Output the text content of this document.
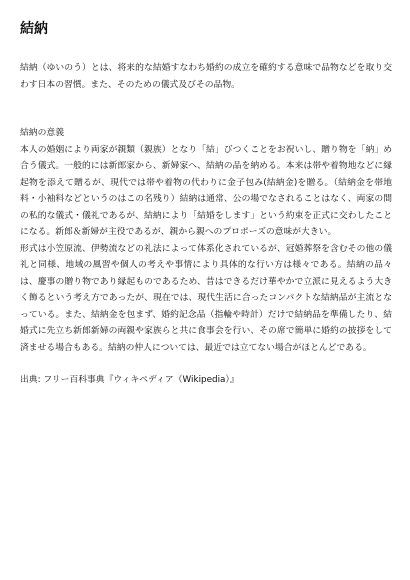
結納

結納（ゆいのう）とは、将来的な結婚すなわち婚約の成立を確約する意味で品物などを取り交わす日本の習慣。また、そのための儀式及びその品物。

結納の意義

本人の婚姻により両家が親類（親族）となり「結」びつくことをお祝いし、贈り物を「納」め合う儀式。一般的には新郎家から、新婦家へ、結納の品を納める。本来は帯や着物地などに縁起物を添えて贈るが、現代では帯や着物の代わりに金子包み(結納金)を贈る。（結納金を帯地料・小袖料などというのはこの名残り）結納は通常、公の場でなされることはなく、両家の間の私的な儀式・儀礼であるが、結納により「結婚をします」という約束を正式に交わしたことになる。新郎＆新婦が主役であるが、親から親へのプロポーズの意味が大きい。

形式は小笠原流、伊勢流などの礼法によって体系化されているが、冠婚葬祭を含むその他の儀礼と同様、地域の風習や個人の考えや事情により具体的な行い方は様々である。結納の品々は、慶事の贈り物であり縁起ものであるため、昔はできるだけ華やかで立派に見えるよう大きく飾るという考え方であったが、現在では、現代生活に合ったコンパクトな結納品が主流となっている。また、結納金を包まず、婚約記念品（指輪や時計）だけで結納品を準備したり、結婚式に先立ち新郎新婦の両親や家族らと共に食事会を行い、その席で簡単に婚約の披拶をして済ませる場合もある。結納の仲人については、最近では立てない場合がほとんどである。

出典: フリー百科事典『ウィキペディア（Wikipedia）』
